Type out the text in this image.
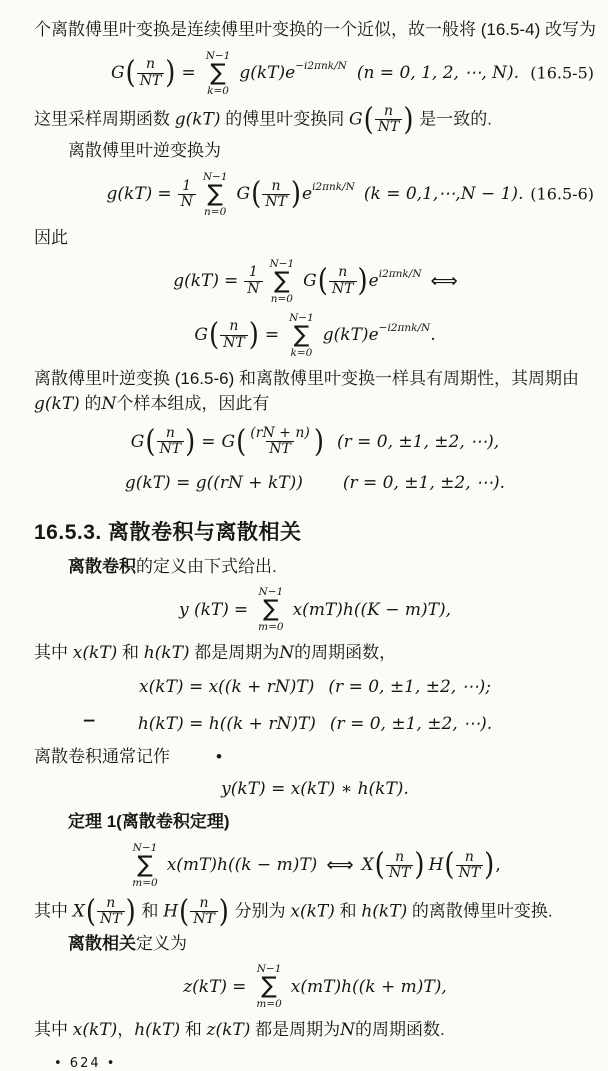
个离散傅里叶变换是连续傅里叶变换的一个近似，故一般将 (16.5-4) 改写为

G ( $\frac{n}{NT}$ ) =
N−1
∑
k=0
g(kT)e −i2πnk/N (n = 0, 1, 2, ⋯, N). (16.5-5)

这里采样周期函数 g(kT) 的傅里叶变换同 G ( $\frac{n}{NT}$ ) 是一致的.

离散傅里叶逆变换为

$g(kT) = \frac{1}{N}$
N−1
∑
n=0
G ( $\frac{n}{NT}$ ) e i2πnk/N (k = 0,1,⋯,N − 1). (16.5-6)

因此

$g(kT) = \frac{1}{N}$
N−1
∑
n=0
G ( $\frac{n}{NT}$ ) e i2πnk/N ⟺
G ( $\frac{n}{NT}$ ) =
N−1
∑
k=0
g(kT)e −i2πnk/N .

离散傅里叶逆变换 (16.5-6) 和离散傅里叶变换一样具有周期性，其周期由 g(kT) 的N个样本组成，因此有

G ( $\frac{n}{NT}$ ) = G ( $\frac{(rN + n)}{NT}$ ) (r = 0, ±1, ±2, ⋯),
g(kT) = g((rN + kT)) (r = 0, ±1, ±2, ⋯).
16.5.3. 离散卷积与离散相关

离散卷积的定义由下式给出.

y (kT) =
N−1
∑
m=0
x(mT)h((K − m)T),

其中 x(kT) 和 h(kT) 都是周期为N的周期函数，

x(kT) = x((k + rN)T) (r = 0, ±1, ±2, ⋯);
− h(kT) = h((k + rN)T) (r = 0, ±1, ±2, ⋯).

离散卷积通常记作	•

y(kT) = x(kT) ∗ h(kT).

定理 1(离散卷积定理)

N−1
∑
m=0
x(mT)h((k − m)T) ⟺ X ( $\frac{n}{NT}$ ) H ( $\frac{n}{NT}$ ) ,

其中 X ( $\frac{n}{NT}$ ) 和 H ( $\frac{n}{NT}$ ) 分别为 x(kT) 和 h(kT) 的离散傅里叶变换.

离散相关定义为

z(kT) =
N−1
∑
m=0
x(mT)h((k + m)T),

其中 x(kT)，h(kT) 和 z(kT) 都是周期为N的周期函数.

• 624 •
